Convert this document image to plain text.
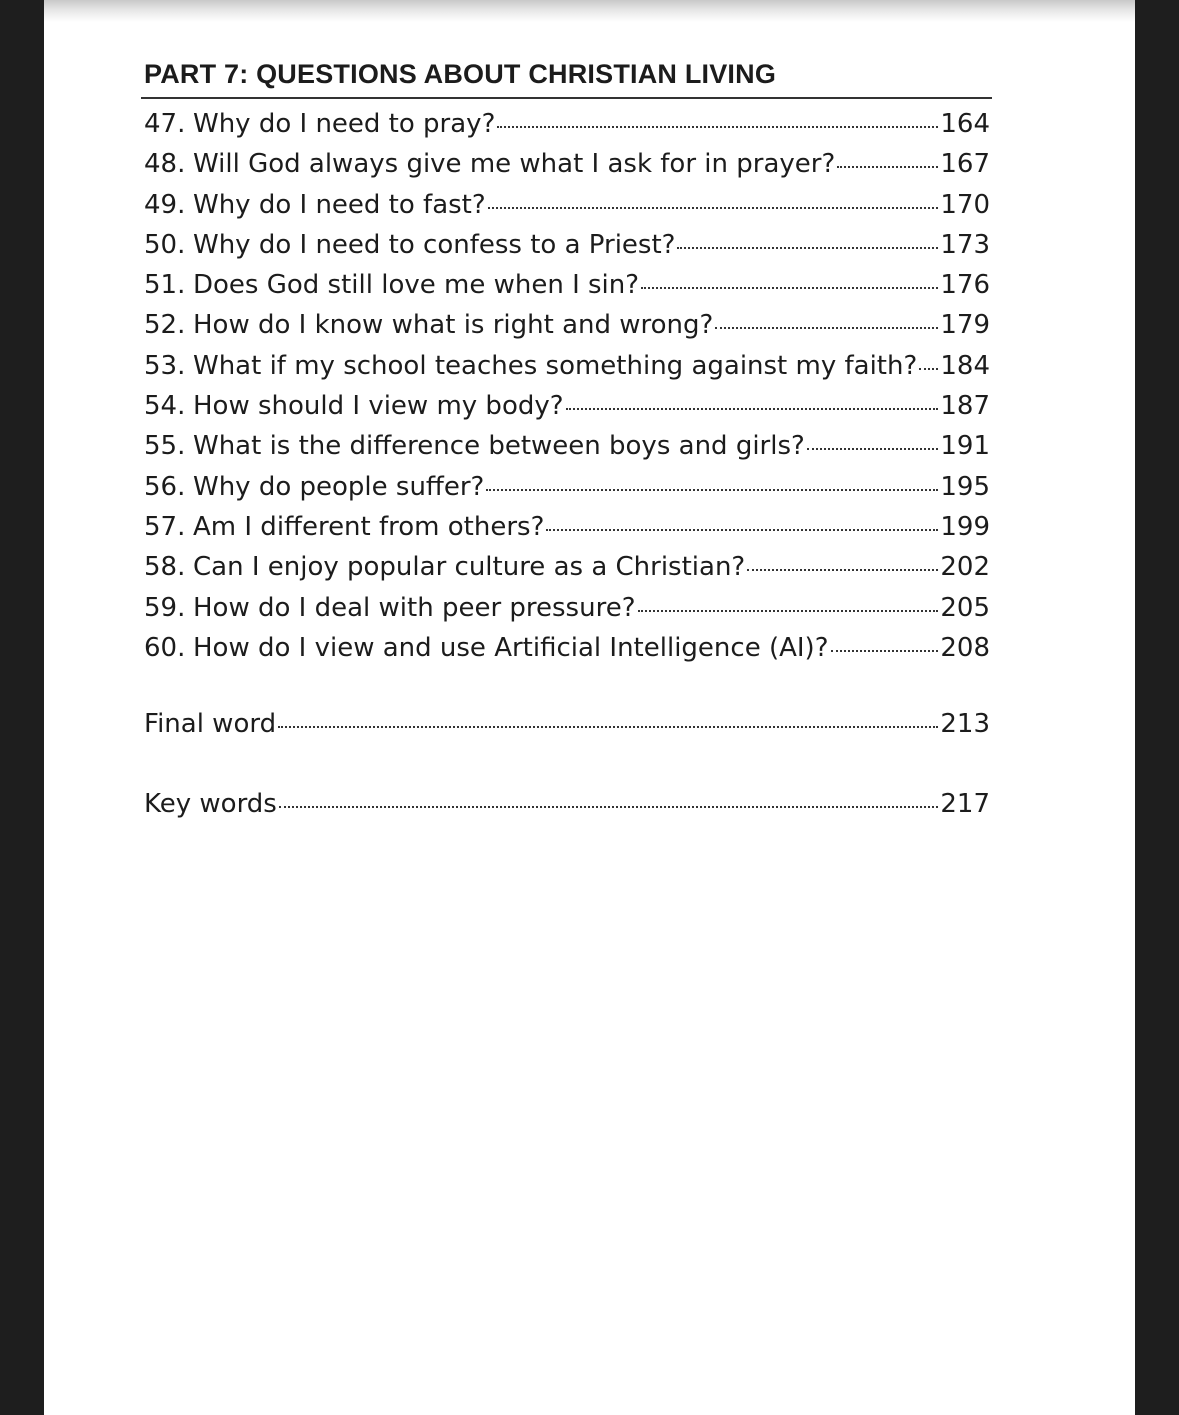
PART 7: QUESTIONS ABOUT CHRISTIAN LIVING
47. Why do I need to pray?	164
48. Will God always give me what I ask for in prayer?	167
49. Why do I need to fast?	170
50. Why do I need to confess to a Priest?	173
51. Does God still love me when I sin?	176
52. How do I know what is right and wrong?	179
53. What if my school teaches something against my faith? 184
54. How should I view my body?	187
55. What is the difference between boys and girls?	191
56. Why do people suffer?	195
57. Am I different from others?	199
58. Can I enjoy popular culture as a Christian?	202
59. How do I deal with peer pressure?	205
60. How do I view and use Artificial Intelligence (AI)?	208
Final word	213
Key words	217
